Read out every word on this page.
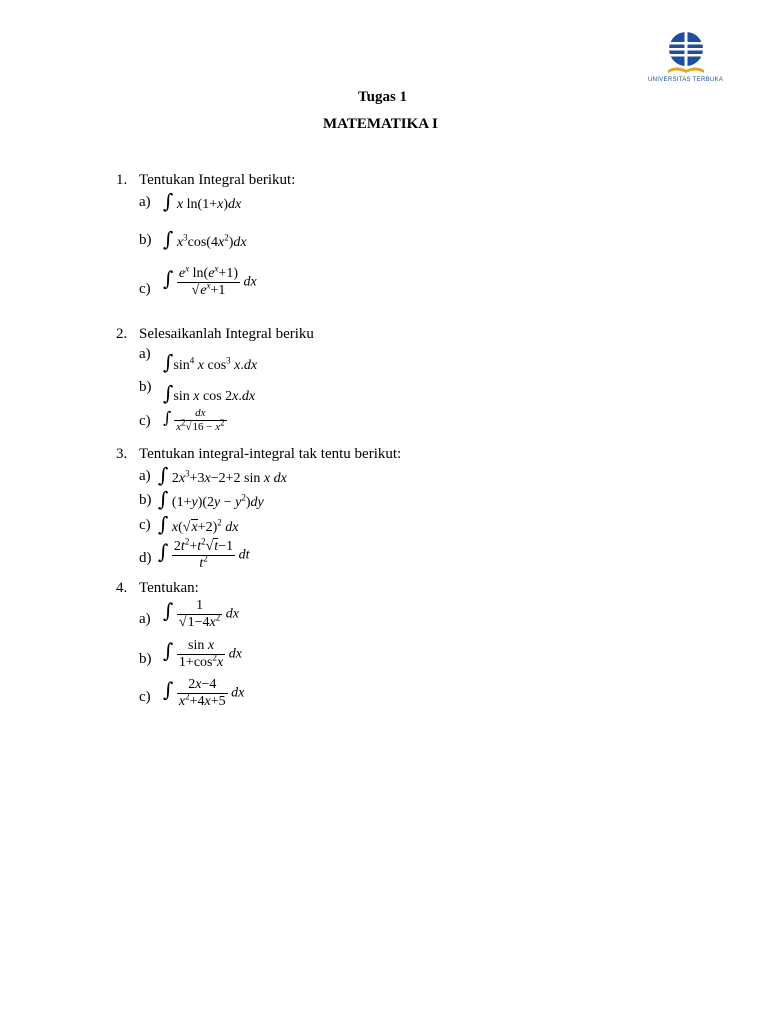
UNIVERSITAS TERBUKA
Tugas 1
MATEMATIKA I
1. Tentukan Integral berikut:
a) ∫ x ln(1+x)dx
b) ∫ $x^3\cos(4x^2)dx$
c) ∫ $\frac{e^x \ln(e^x+1)}{√e^x+1}$ dx
2. Selesaikanlah Integral beriku
a) $\int\sin^4$ x $\cos^3 x.dx$
b) ∫sin x cos 2x.dx
c) ∫ $\frac{dx}{x^2√16 - x^2}$
3. Tentukan integral-integral tak tentu berikut:
a) ∫ $2x^3+3x-2+2$ sin x dx
b) ∫ $(1+y)(2y - y^2)dy$
c) ∫ $x(√x+2)^2$ dx
d) ∫ $\frac{2t^2+t^2√t-1}{t^2}$ dt
4. Tentukan:
a) ∫ $\frac{1}{√1-4x^2}$ dx
b) ∫ $\frac{\text{sin x}}{1+\cos^2x}$ dx
c) ∫ $\frac{2x-4}{x^2+4x+5}$ dx
